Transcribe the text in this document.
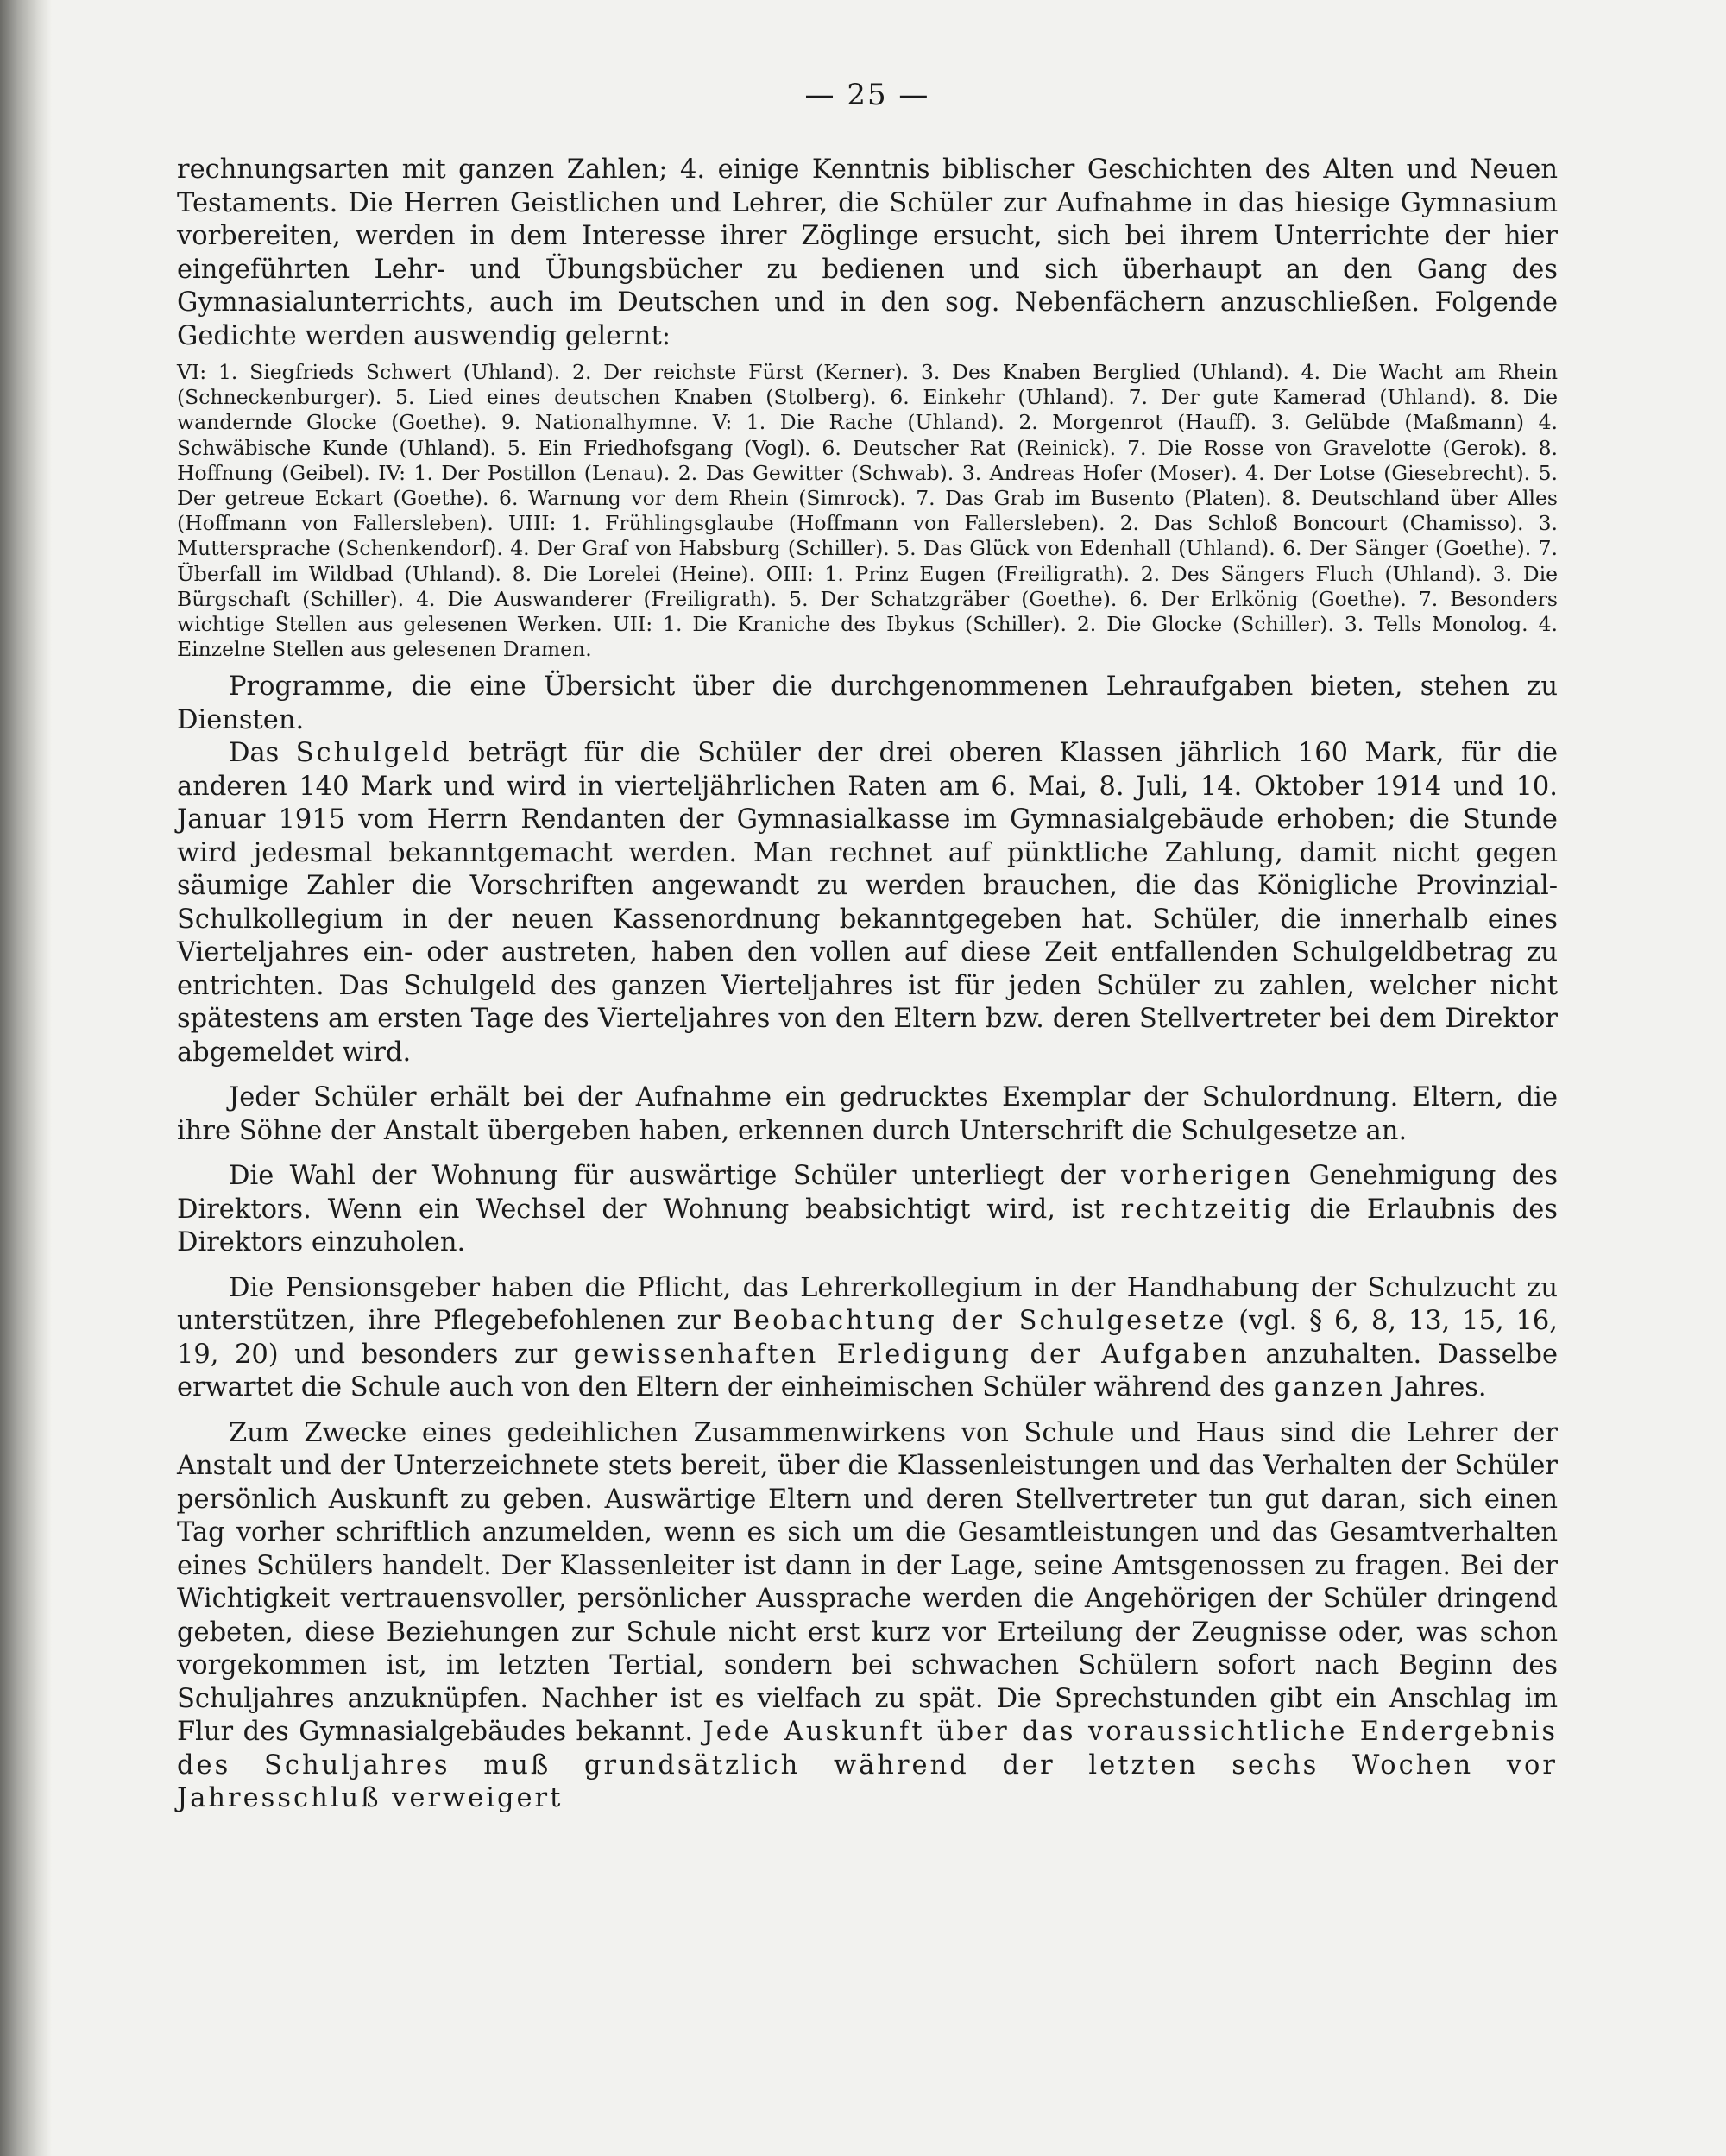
— 25 —

rechnungsarten mit ganzen Zahlen; 4. einige Kenntnis biblischer Geschichten des Alten und Neuen Testaments. Die Herren Geistlichen und Lehrer, die Schüler zur Aufnahme in das hiesige Gymnasium vorbereiten, werden in dem Interesse ihrer Zöglinge ersucht, sich bei ihrem Unterrichte der hier eingeführten Lehr- und Übungsbücher zu bedienen und sich überhaupt an den Gang des Gymnasialunterrichts, auch im Deutschen und in den sog. Nebenfächern anzuschließen. Folgende Gedichte werden auswendig gelernt:

VI: 1. Siegfrieds Schwert (Uhland). 2. Der reichste Fürst (Kerner). 3. Des Knaben Berglied (Uhland). 4. Die Wacht am Rhein (Schneckenburger). 5. Lied eines deutschen Knaben (Stolberg). 6. Einkehr (Uhland). 7. Der gute Kamerad (Uhland). 8. Die wandernde Glocke (Goethe). 9. Nationalhymne. V: 1. Die Rache (Uhland). 2. Morgenrot (Hauff). 3. Gelübde (Maßmann) 4. Schwäbische Kunde (Uhland). 5. Ein Friedhofsgang (Vogl). 6. Deutscher Rat (Reinick). 7. Die Rosse von Gravelotte (Gerok). 8. Hoffnung (Geibel). IV: 1. Der Postillon (Lenau). 2. Das Gewitter (Schwab). 3. Andreas Hofer (Moser). 4. Der Lotse (Giesebrecht). 5. Der getreue Eckart (Goethe). 6. Warnung vor dem Rhein (Simrock). 7. Das Grab im Busento (Platen). 8. Deutschland über Alles (Hoffmann von Fallersleben). UIII: 1. Frühlingsglaube (Hoffmann von Fallersleben). 2. Das Schloß Boncourt (Chamisso). 3. Muttersprache (Schenkendorf). 4. Der Graf von Habsburg (Schiller). 5. Das Glück von Edenhall (Uhland). 6. Der Sänger (Goethe). 7. Überfall im Wildbad (Uhland). 8. Die Lorelei (Heine). OIII: 1. Prinz Eugen (Freiligrath). 2. Des Sängers Fluch (Uhland). 3. Die Bürgschaft (Schiller). 4. Die Auswanderer (Freiligrath). 5. Der Schatzgräber (Goethe). 6. Der Erlkönig (Goethe). 7. Besonders wichtige Stellen aus gelesenen Werken. UII: 1. Die Kraniche des Ibykus (Schiller). 2. Die Glocke (Schiller). 3. Tells Monolog. 4. Einzelne Stellen aus gelesenen Dramen.

Programme, die eine Übersicht über die durchgenommenen Lehraufgaben bieten, stehen zu Diensten.

Das Schulgeld beträgt für die Schüler der drei oberen Klassen jährlich 160 Mark, für die anderen 140 Mark und wird in vierteljährlichen Raten am 6. Mai, 8. Juli, 14. Oktober 1914 und 10. Januar 1915 vom Herrn Rendanten der Gymnasialkasse im Gymnasialgebäude erhoben; die Stunde wird jedesmal bekanntgemacht werden. Man rechnet auf pünktliche Zahlung, damit nicht gegen säumige Zahler die Vorschriften angewandt zu werden brauchen, die das Königliche Provinzial-Schulkollegium in der neuen Kassenordnung bekanntgegeben hat. Schüler, die innerhalb eines Vierteljahres ein- oder austreten, haben den vollen auf diese Zeit entfallenden Schulgeldbetrag zu entrichten. Das Schulgeld des ganzen Vierteljahres ist für jeden Schüler zu zahlen, welcher nicht spätestens am ersten Tage des Vierteljahres von den Eltern bzw. deren Stellvertreter bei dem Direktor abgemeldet wird.

Jeder Schüler erhält bei der Aufnahme ein gedrucktes Exemplar der Schulordnung. Eltern, die ihre Söhne der Anstalt übergeben haben, erkennen durch Unterschrift die Schulgesetze an.

Die Wahl der Wohnung für auswärtige Schüler unterliegt der vorherigen Genehmigung des Direktors. Wenn ein Wechsel der Wohnung beabsichtigt wird, ist rechtzeitig die Erlaubnis des Direktors einzuholen.

Die Pensionsgeber haben die Pflicht, das Lehrerkollegium in der Handhabung der Schulzucht zu unterstützen, ihre Pflegebefohlenen zur Beobachtung der Schulgesetze (vgl. § 6, 8, 13, 15, 16, 19, 20) und besonders zur gewissenhaften Erledigung der Aufgaben anzuhalten. Dasselbe erwartet die Schule auch von den Eltern der einheimischen Schüler während des ganzen Jahres.

Zum Zwecke eines gedeihlichen Zusammenwirkens von Schule und Haus sind die Lehrer der Anstalt und der Unterzeichnete stets bereit, über die Klassenleistungen und das Verhalten der Schüler persönlich Auskunft zu geben. Auswärtige Eltern und deren Stellvertreter tun gut daran, sich einen Tag vorher schriftlich anzumelden, wenn es sich um die Gesamtleistungen und das Gesamtverhalten eines Schülers handelt. Der Klassenleiter ist dann in der Lage, seine Amtsgenossen zu fragen. Bei der Wichtigkeit vertrauensvoller, persönlicher Aussprache werden die Angehörigen der Schüler dringend gebeten, diese Beziehungen zur Schule nicht erst kurz vor Erteilung der Zeugnisse oder, was schon vorgekommen ist, im letzten Tertial, sondern bei schwachen Schülern sofort nach Beginn des Schuljahres anzuknüpfen. Nachher ist es vielfach zu spät. Die Sprechstunden gibt ein Anschlag im Flur des Gymnasialgebäudes bekannt. Jede Auskunft über das voraussichtliche Endergebnis des Schuljahres muß grundsätzlich während der letzten sechs Wochen vor Jahresschluß verweigert
